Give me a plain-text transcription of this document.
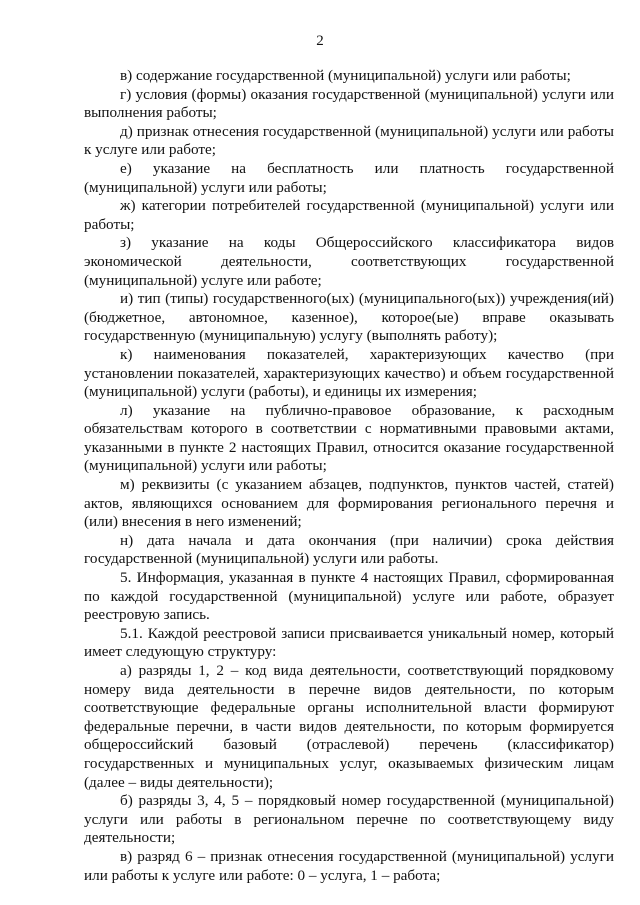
2

в) содержание государственной (муниципальной) услуги или работы;

г) условия (формы) оказания государственной (муниципальной) услуги или выполнения работы;

д) признак отнесения государственной (муниципальной) услуги или работы к услуге или работе;

е) указание на бесплатность или платность государственной (муниципальной) услуги или работы;

ж) категории потребителей государственной (муниципальной) услуги или работы;

з) указание на коды Общероссийского классификатора видов экономической деятельности, соответствующих государственной (муниципальной) услуге или работе;

и) тип (типы) государственного(ых) (муниципального(ых)) учреждения(ий) (бюджетное, автономное, казенное), которое(ые) вправе оказывать государственную (муниципальную) услугу (выполнять работу);

к) наименования показателей, характеризующих качество (при установлении показателей, характеризующих качество) и объем государственной (муниципальной) услуги (работы), и единицы их измерения;

л) указание на публично-правовое образование, к расходным обязательствам которого в соответствии с нормативными правовыми актами, указанными в пункте 2 настоящих Правил, относится оказание государственной (муниципальной) услуги или работы;

м) реквизиты (с указанием абзацев, подпунктов, пунктов частей, статей) актов, являющихся основанием для формирования регионального перечня и (или) внесения в него изменений;

н) дата начала и дата окончания (при наличии) срока действия государственной (муниципальной) услуги или работы.

5. Информация, указанная в пункте 4 настоящих Правил, сформированная по каждой государственной (муниципальной) услуге или работе, образует реестровую запись.

5.1. Каждой реестровой записи присваивается уникальный номер, который имеет следующую структуру:

а) разряды 1, 2 – код вида деятельности, соответствующий порядковому номеру вида деятельности в перечне видов деятельности, по которым соответствующие федеральные органы исполнительной власти формируют федеральные перечни, в части видов деятельности, по которым формируется общероссийский базовый (отраслевой) перечень (классификатор) государственных и муниципальных услуг, оказываемых физическим лицам (далее – виды деятельности);

б) разряды 3, 4, 5 – порядковый номер государственной (муниципальной) услуги или работы в региональном перечне по соответствующему виду деятельности;

в) разряд 6 – признак отнесения государственной (муниципальной) услуги или работы к услуге или работе: 0 – услуга, 1 – работа;
